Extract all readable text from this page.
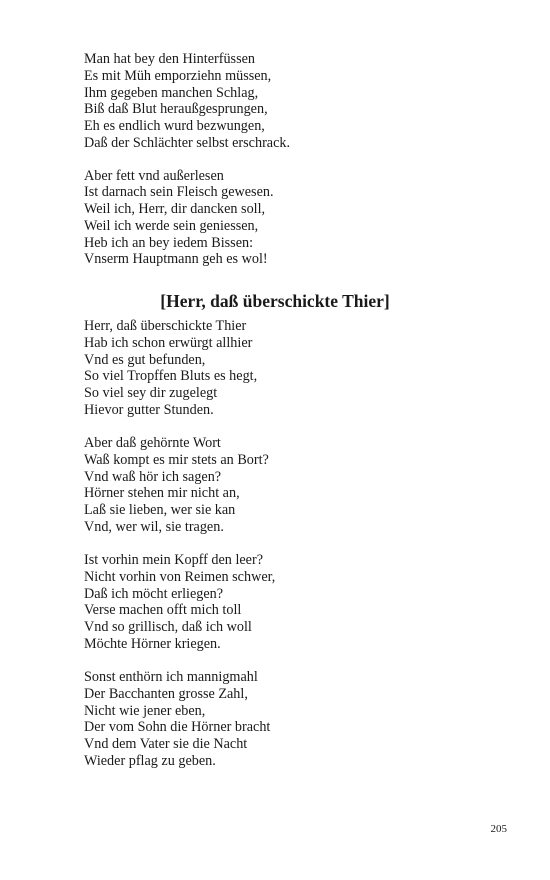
Man hat bey den Hinterfüssen
Es mit Müh emporziehn müssen,
Ihm gegeben manchen Schlag,
Biß daß Blut heraußgesprungen,
Eh es endlich wurd bezwungen,
Daß der Schlächter selbst erschrack.
Aber fett vnd außerlesen
Ist darnach sein Fleisch gewesen.
Weil ich, Herr, dir dancken soll,
Weil ich werde sein geniessen,
Heb ich an bey iedem Bissen:
Vnserm Hauptmann geh es wol!
[Herr, daß überschickte Thier]
Herr, daß überschickte Thier
Hab ich schon erwürgt allhier
Vnd es gut befunden,
So viel Tropffen Bluts es hegt,
So viel sey dir zugelegt
Hievor gutter Stunden.
Aber daß gehörnte Wort
Waß kompt es mir stets an Bort?
Vnd waß hör ich sagen?
Hörner stehen mir nicht an,
Laß sie lieben, wer sie kan
Vnd, wer wil, sie tragen.
Ist vorhin mein Kopff den leer?
Nicht vorhin von Reimen schwer,
Daß ich möcht erliegen?
Verse machen offt mich toll
Vnd so grillisch, daß ich woll
Möchte Hörner kriegen.
Sonst enthörn ich mannigmahl
Der Bacchanten grosse Zahl,
Nicht wie jener eben,
Der vom Sohn die Hörner bracht
Vnd dem Vater sie die Nacht
Wieder pflag zu geben.
205
